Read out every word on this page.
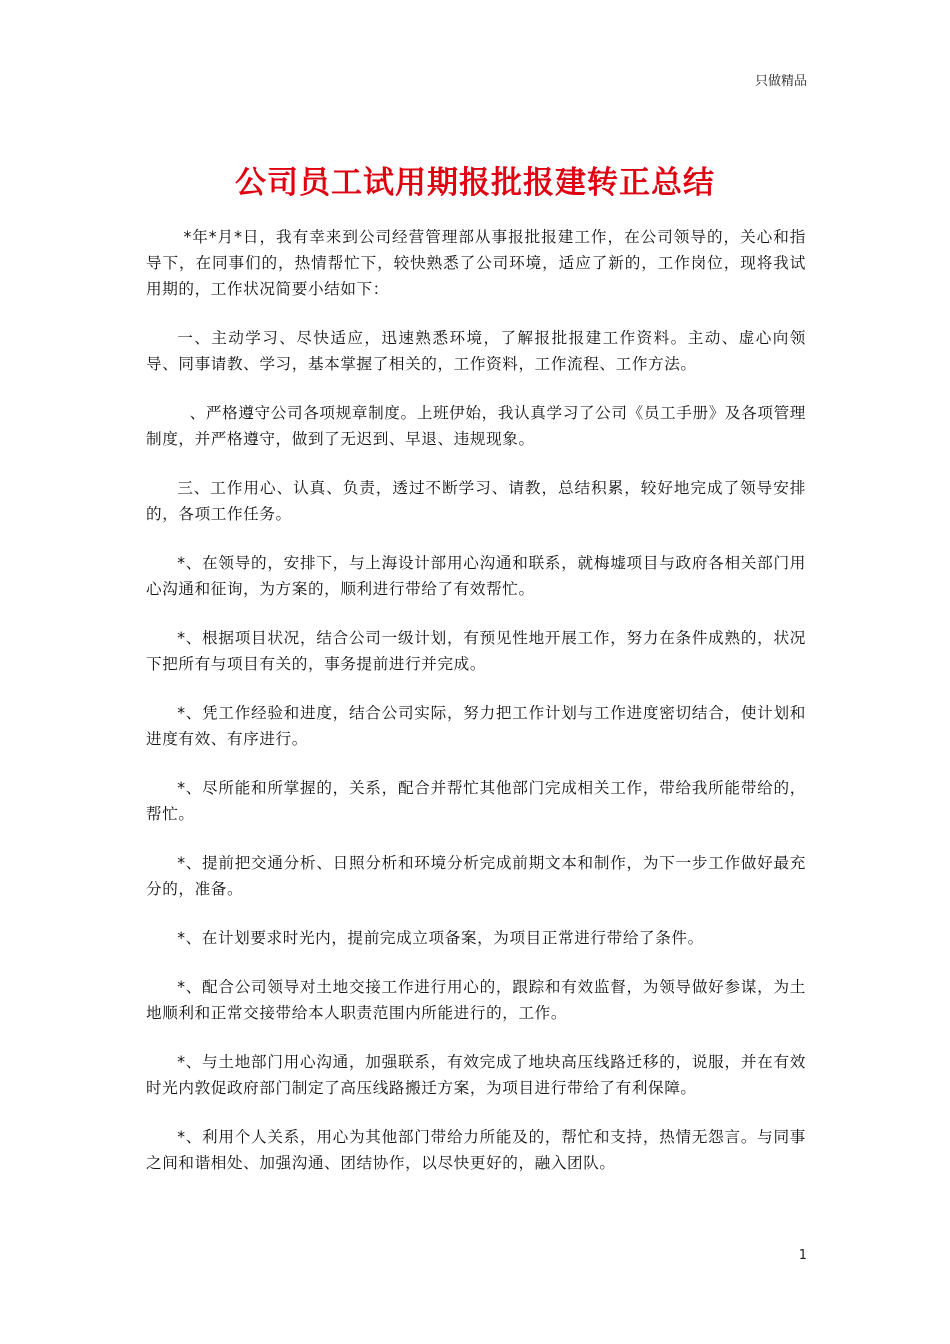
只做精品
公司员工试用期报批报建转正总结

*年*月*日，我有幸来到公司经营管理部从事报批报建工作，在公司领导的，关心和指导下，在同事们的，热情帮忙下，较快熟悉了公司环境，适应了新的，工作岗位，现将我试用期的，工作状况简要小结如下：

一、主动学习、尽快适应，迅速熟悉环境，了解报批报建工作资料。主动、虚心向领导、同事请教、学习，基本掌握了相关的，工作资料，工作流程、工作方法。

、严格遵守公司各项规章制度。上班伊始，我认真学习了公司《员工手册》及各项管理制度，并严格遵守，做到了无迟到、早退、违规现象。

三、工作用心、认真、负责，透过不断学习、请教，总结积累，较好地完成了领导安排的，各项工作任务。

*、在领导的，安排下，与上海设计部用心沟通和联系，就梅墟项目与政府各相关部门用心沟通和征询，为方案的，顺利进行带给了有效帮忙。

*、根据项目状况，结合公司一级计划，有预见性地开展工作，努力在条件成熟的，状况下把所有与项目有关的，事务提前进行并完成。

*、凭工作经验和进度，结合公司实际，努力把工作计划与工作进度密切结合，使计划和进度有效、有序进行。

*、尽所能和所掌握的，关系，配合并帮忙其他部门完成相关工作，带给我所能带给的，帮忙。

*、提前把交通分析、日照分析和环境分析完成前期文本和制作，为下一步工作做好最充分的，准备。

*、在计划要求时光内，提前完成立项备案，为项目正常进行带给了条件。

*、配合公司领导对土地交接工作进行用心的，跟踪和有效监督，为领导做好参谋，为土地顺利和正常交接带给本人职责范围内所能进行的，工作。

*、与土地部门用心沟通，加强联系，有效完成了地块高压线路迁移的，说服，并在有效时光内敦促政府部门制定了高压线路搬迁方案，为项目进行带给了有利保障。

*、利用个人关系，用心为其他部门带给力所能及的，帮忙和支持，热情无怨言。与同事之间和谐相处、加强沟通、团结协作，以尽快更好的，融入团队。

1
